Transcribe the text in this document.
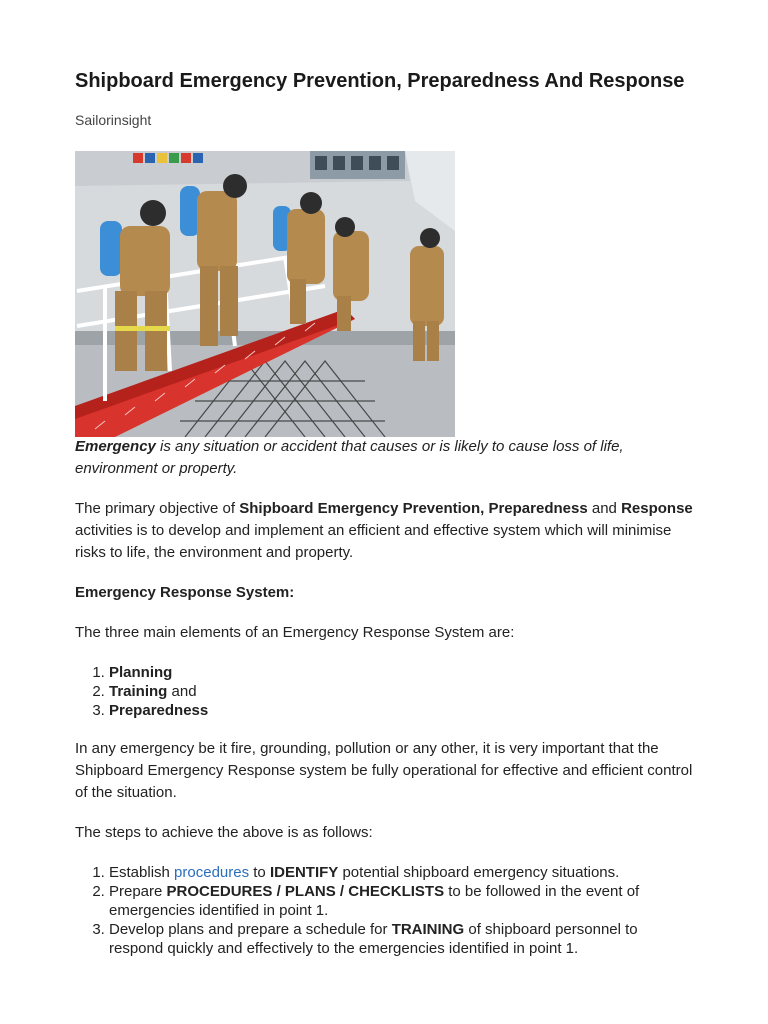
Shipboard Emergency Prevention, Preparedness And Response
Sailorinsight

Emergency is any situation or accident that causes or is likely to cause loss of life, environment or property.

The primary objective of Shipboard Emergency Prevention, Preparedness and Response activities is to develop and implement an efficient and effective system which will minimise risks to life, the environment and property.

Emergency Response System:

The three main elements of an Emergency Response System are:

1. Planning
2. Training and
3. Preparedness

In any emergency be it fire, grounding, pollution or any other, it is very important that the Shipboard Emergency Response system be fully operational for effective and efficient control of the situation.

The steps to achieve the above is as follows:

1. Establish procedures to IDENTIFY potential shipboard emergency situations.
2. Prepare PROCEDURES / PLANS / CHECKLISTS to be followed in the event of emergencies identified in point 1.
3. Develop plans and prepare a schedule for TRAINING of shipboard personnel to respond quickly and effectively to the emergencies identified in point 1.
